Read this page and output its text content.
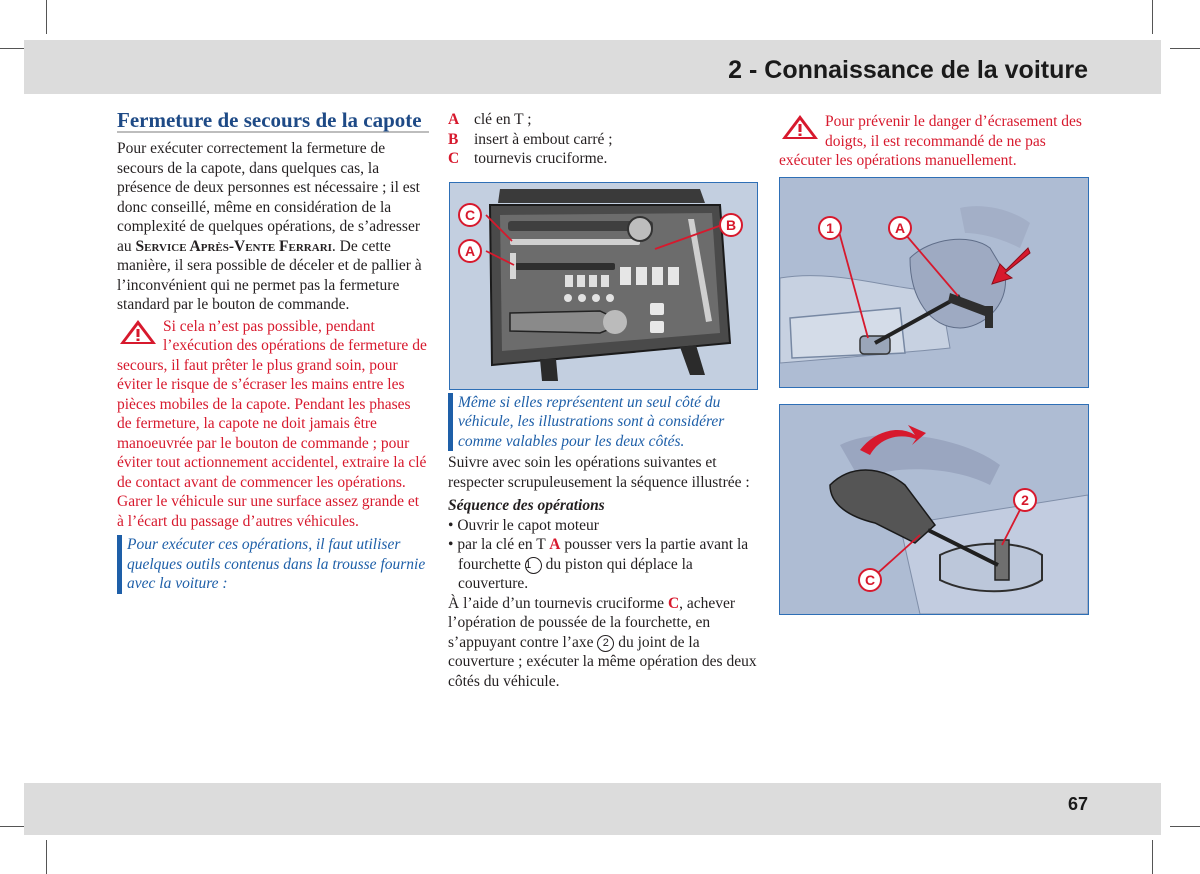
2 - Connaissance de la voiture
Fermeture de secours de la capote

Pour exécuter correctement la fermeture de secours de la capote, dans quelques cas, la présence de deux personnes est nécessaire ; il est donc conseillé, même en considération de la complexité de quelques opérations, de s’adresser au Service Après-Vente Ferrari. De cette manière, il sera possible de déceler et de pallier à l’inconvénient qui ne permet pas la fermeture standard par le bouton de commande.

Si cela n’est pas possible, pendant l’exécution des opérations de fermeture de secours, il faut prêter le plus grand soin, pour éviter le risque de s’écraser les mains entre les pièces mobiles de la capote. Pendant les phases de fermeture, la capote ne doit jamais être manoeuvrée par le bouton de commande ; pour éviter tout actionnement accidentel, extraire la clé de contact avant de commencer les opérations. Garer le véhicule sur une surface assez grande et à l’écart du passage d’autres véhicules.
Pour exécuter ces opérations, il faut utiliser quelques outils contenus dans la trousse fournie avec la voiture :
A clé en T ;
B	insert à embout carré ;
C tournevis cruciforme.
Même si elles représentent un seul côté du véhicule, les illustrations sont à considérer comme valables pour les deux côtés.

Suivre avec soin les opérations suivantes et respecter scrupuleusement la séquence illustrée :

Séquence des opérations

• Ouvrir le capot moteur

• par la clé en T A pousser vers la partie avant la fourchette 1 du piston qui déplace la couverture.

À l’aide d’un tournevis cruciforme C, achever l’opération de poussée de la fourchette, en s’appuyant contre l’axe 2 du joint de la couverture ; exécuter la même opération des deux côtés du véhicule.

C
A
B
Pour prévenir le danger d’écrasement des doigts, il est recommandé de ne pas exécuter les opérations manuellement.
1	A
C
2
67
